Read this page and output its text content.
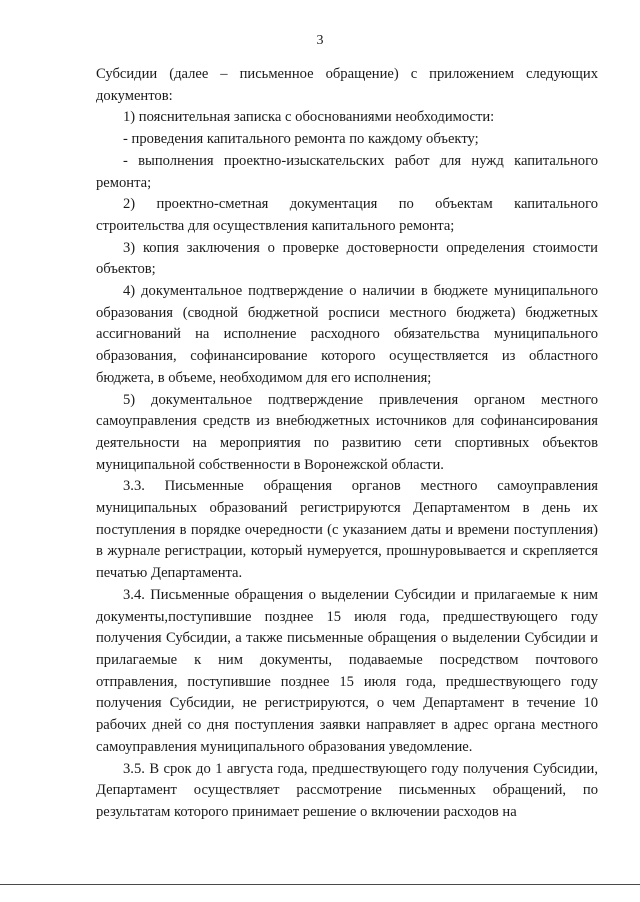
3

Субсидии (далее – письменное обращение) с приложением следующих документов:

1) пояснительная записка с обоснованиями необходимости:

- проведения капитального ремонта по каждому объекту;

- выполнения проектно-изыскательских работ для нужд капитального ремонта;

2) проектно-сметная документация по объектам капитального строительства для осуществления капитального ремонта;

3) копия заключения о проверке достоверности определения стоимости объектов;

4) документальное подтверждение о наличии в бюджете муниципального образования (сводной бюджетной росписи местного бюджета) бюджетных ассигнований на исполнение расходного обязательства муниципального образования, софинансирование которого осуществляется из областного бюджета, в объеме, необходимом для его исполнения;

5) документальное подтверждение привлечения органом местного самоуправления средств из внебюджетных источников для софинансирования деятельности на мероприятия по развитию сети спортивных объектов муниципальной собственности в Воронежской области.

3.3. Письменные обращения органов местного самоуправления муниципальных образований регистрируются Департаментом в день их поступления в порядке очередности (с указанием даты и времени поступления) в журнале регистрации, который нумеруется, прошнуровывается и скрепляется печатью Департамента.

3.4. Письменные обращения о выделении Субсидии и прилагаемые к ним документы,поступившие позднее 15 июля года, предшествующего году получения Субсидии, а также письменные обращения о выделении Субсидии и прилагаемые к ним документы, подаваемые посредством почтового отправления, поступившие позднее 15 июля года, предшествующего году получения Субсидии, не регистрируются, о чем Департамент в течение 10 рабочих дней со дня поступления заявки направляет в адрес органа местного самоуправления муниципального образования уведомление.

3.5. В срок до 1 августа года, предшествующего году получения Субсидии, Департамент осуществляет рассмотрение письменных обращений, по результатам которого принимает решение о включении расходов на
